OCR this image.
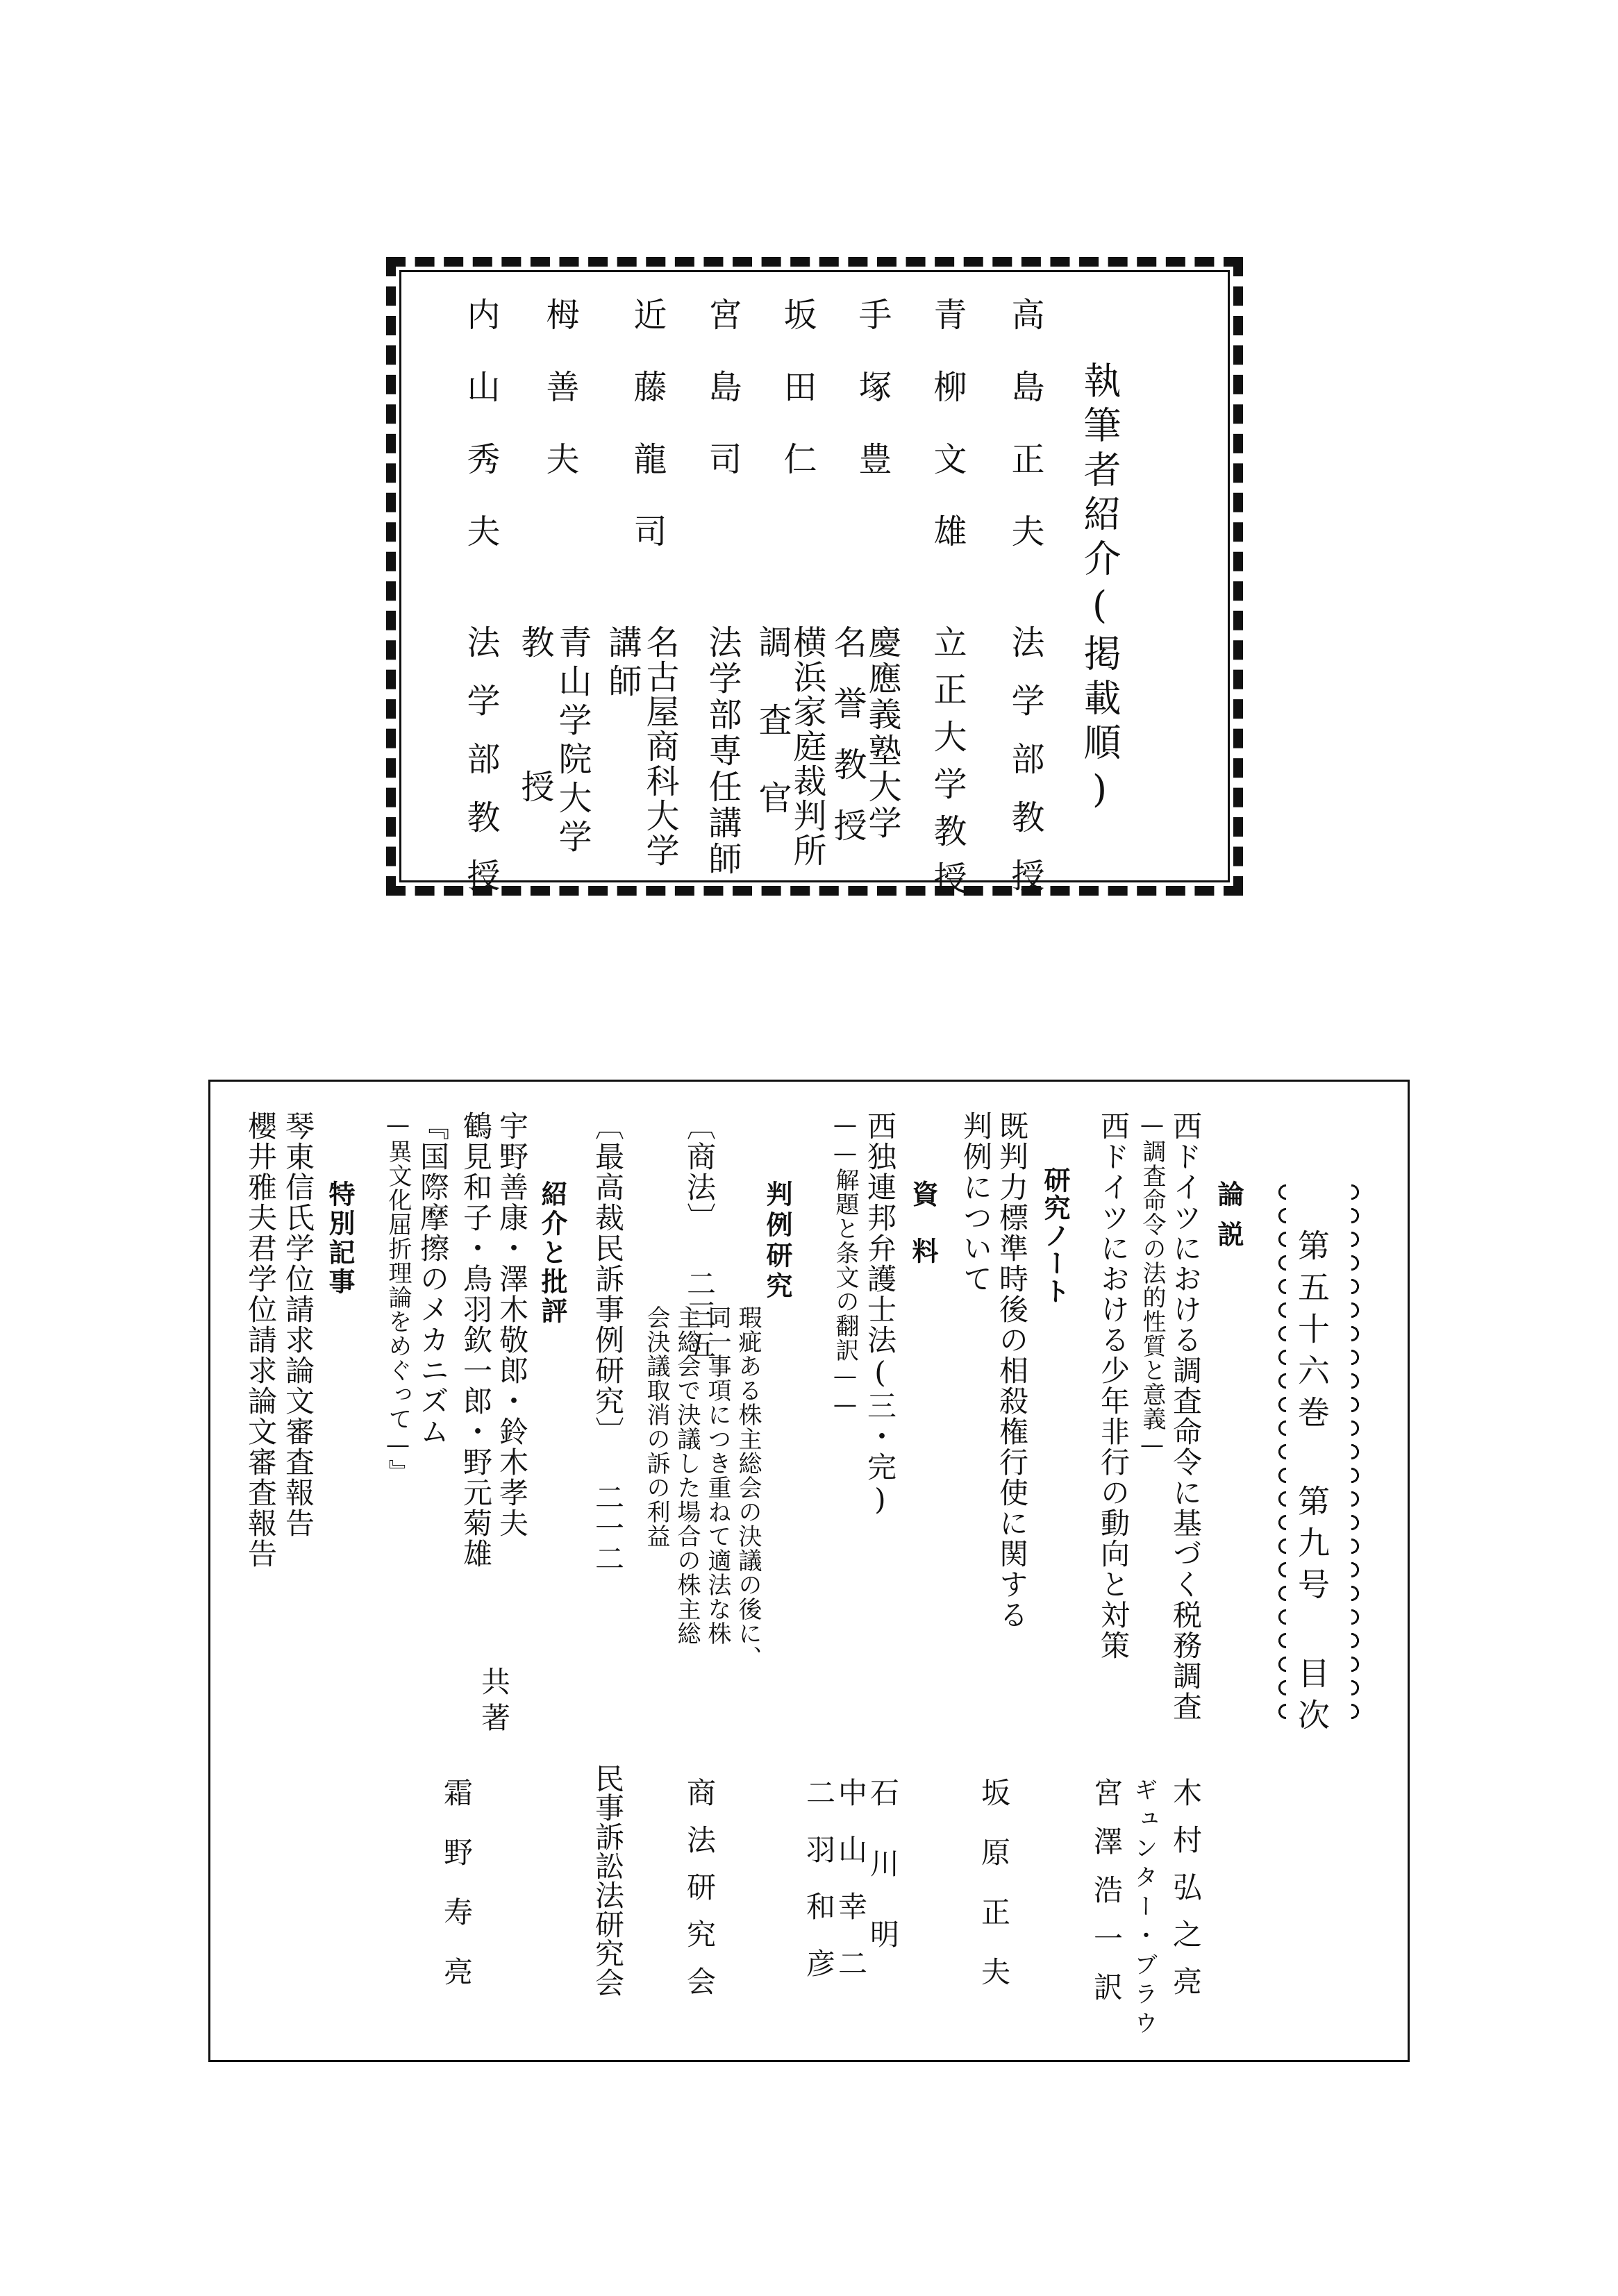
執筆者紹介(掲載順)
高島正夫
青柳文雄
手塚豊
坂田仁
宮島司
近藤龍司
栂善夫
内山秀夫
法学部教授
立正大学教授
慶應義塾大学
名誉教授
横浜家庭裁判所
調査官
法学部専任講師
名古屋商科大学
講師
青山学院大学
教授
法学部教授
第五十六巻 第九号 目次
論説
西ドイツにおける調査命令に基づく税務調査
—調査命令の法的性質と意義—
木村弘之亮
西ドイツにおける少年非行の動向と対策
ギュンター・ブラウ
宮澤浩一訳
研究ノート
既判力標準時後の相殺権行使に関する
判例について
坂原正夫
資料
西独連邦弁護士法(三・完)
——解題と条文の翻訳——
石川明
中山幸二
二羽和彦
判例研究
〔商法〕 二三五
瑕疵ある株主総会の決議の後に、
同一事項につき重ねて適法な株
主総会で決議した場合の株主総
会決議取消の訴の利益
商法研究会
〔最高裁民訴事例研究〕 二一二
民事訴訟法研究会
紹介と批評
宇野善康・澤木敬郎・鈴木孝夫
鶴見和子・鳥羽欽一郎・野元菊雄
共著
『国際摩擦のメカニズム
—異文化屈折理論をめぐって—』
霜野寿亮
特別記事
琴東信氏学位請求論文審査報告
櫻井雅夫君学位請求論文審査報告
